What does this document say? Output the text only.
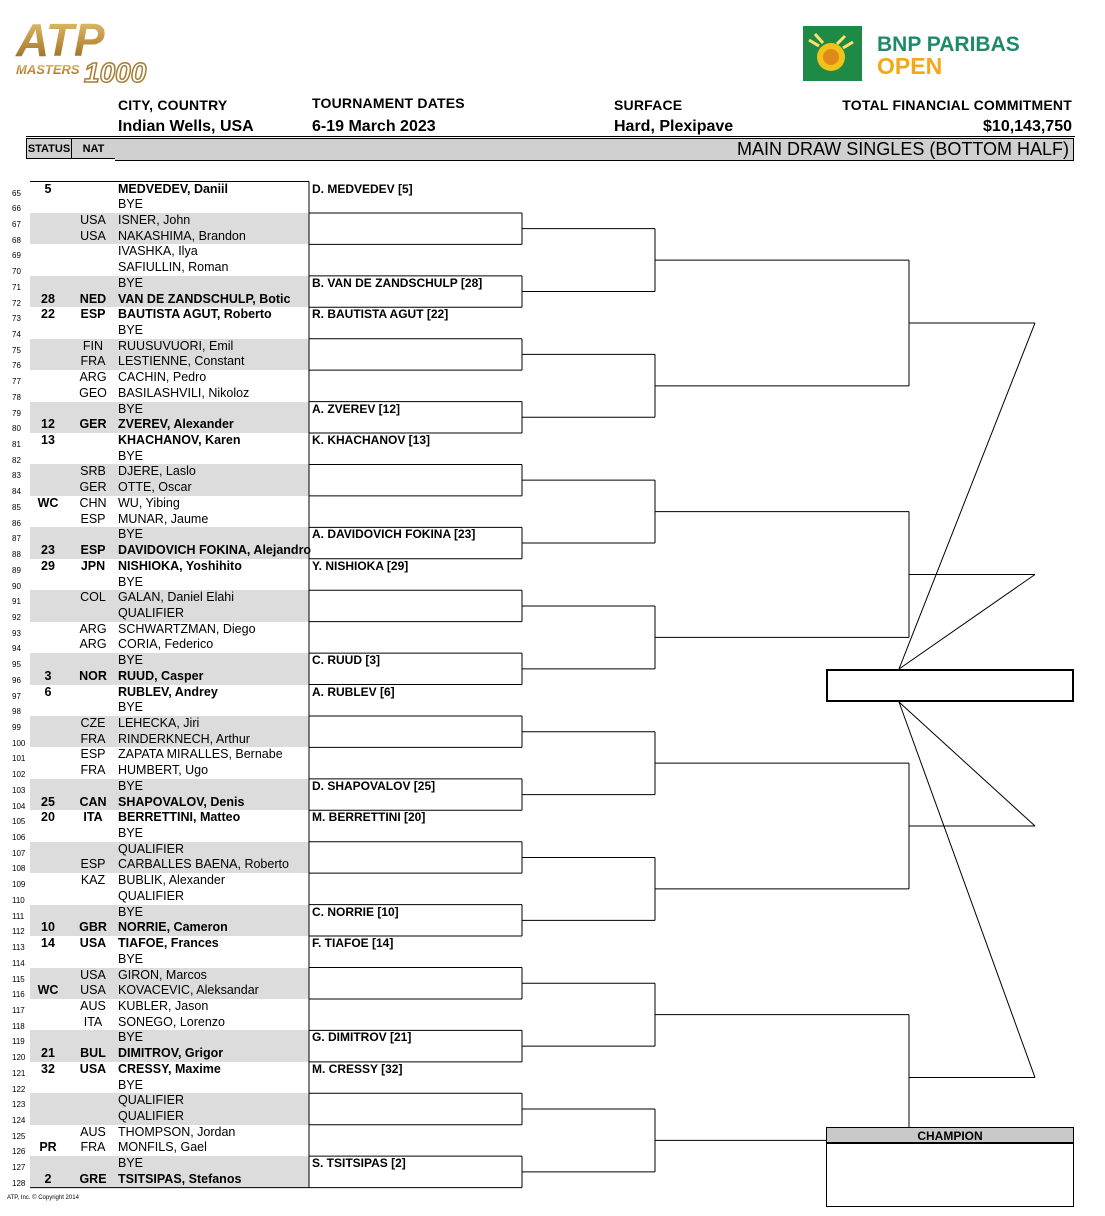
ATP
MASTERS 1000
BNP PARIBAS
OPEN
CITY, COUNTRY
Indian Wells, USA
TOURNAMENT DATES
6-19 March 2023
SURFACE
Hard, Plexipave
TOTAL FINANCIAL COMMITMENT
$10,143,750
STATUS	NAT	MAIN DRAW SINGLES (BOTTOM HALF)
65	5	MEDVEDEV, Daniil
66	BYE
67	USA ISNER, John
68	USA NAKASHIMA, Brandon
69	IVASHKA, Ilya
70	SAFIULLIN, Roman
71	BYE
72	28	NED VAN DE ZANDSCHULP, Botic
73	22	ESP BAUTISTA AGUT, Roberto
74	BYE
75	FIN	RUUSUVUORI, Emil
76	FRA LESTIENNE, Constant
77	ARG CACHIN, Pedro
78	GEO BASILASHVILI, Nikoloz
79	BYE
80	12	GER ZVEREV, Alexander
81	13	KHACHANOV, Karen
82	BYE
83	SRB DJERE, Laslo
84	GER OTTE, Oscar
85	WC	CHN WU, Yibing
86	ESP MUNAR, Jaume
87	BYE
88	23	ESP DAVIDOVICH FOKINA, Alejandro
89	29	JPN NISHIOKA, Yoshihito
90	BYE
91	COL GALAN, Daniel Elahi
92	QUALIFIER
93	ARG SCHWARTZMAN, Diego
94	ARG CORIA, Federico
95	BYE
96	3	NOR RUUD, Casper
97	6	RUBLEV, Andrey
98	BYE
99	CZE LEHECKA, Jiri
100	FRA RINDERKNECH, Arthur
101	ESP ZAPATA MIRALLES, Bernabe
102	FRA HUMBERT, Ugo
103	BYE
104	25	CAN SHAPOVALOV, Denis
105	20	ITA	BERRETTINI, Matteo
106	BYE
107	QUALIFIER
108	ESP CARBALLES BAENA, Roberto
109	KAZ BUBLIK, Alexander
110	QUALIFIER
111	BYE
112	10	GBR NORRIE, Cameron
113	14	USA TIAFOE, Frances
114	BYE
115	USA GIRON, Marcos
116	WC	USA KOVACEVIC, Aleksandar
117	AUS KUBLER, Jason
118	ITA	SONEGO, Lorenzo
119	BYE
120	21	BUL DIMITROV, Grigor
121	32	USA CRESSY, Maxime
122	BYE
123	QUALIFIER
124	QUALIFIER
125	AUS THOMPSON, Jordan
126	PR	FRA MONFILS, Gael
127	BYE
128	2	GRE TSITSIPAS, Stefanos
D. MEDVEDEV [5]
B. VAN DE ZANDSCHULP [28]
R. BAUTISTA AGUT [22]
A. ZVEREV [12]
K. KHACHANOV [13]
A. DAVIDOVICH FOKINA [23]
Y. NISHIOKA [29]
C. RUUD [3]
A. RUBLEV [6]
D. SHAPOVALOV [25]
M. BERRETTINI [20]
C. NORRIE [10]
F. TIAFOE [14]
G. DIMITROV [21]
M. CRESSY [32]
S. TSITSIPAS [2]
CHAMPION
ATP, Inc. © Copyright 2014
